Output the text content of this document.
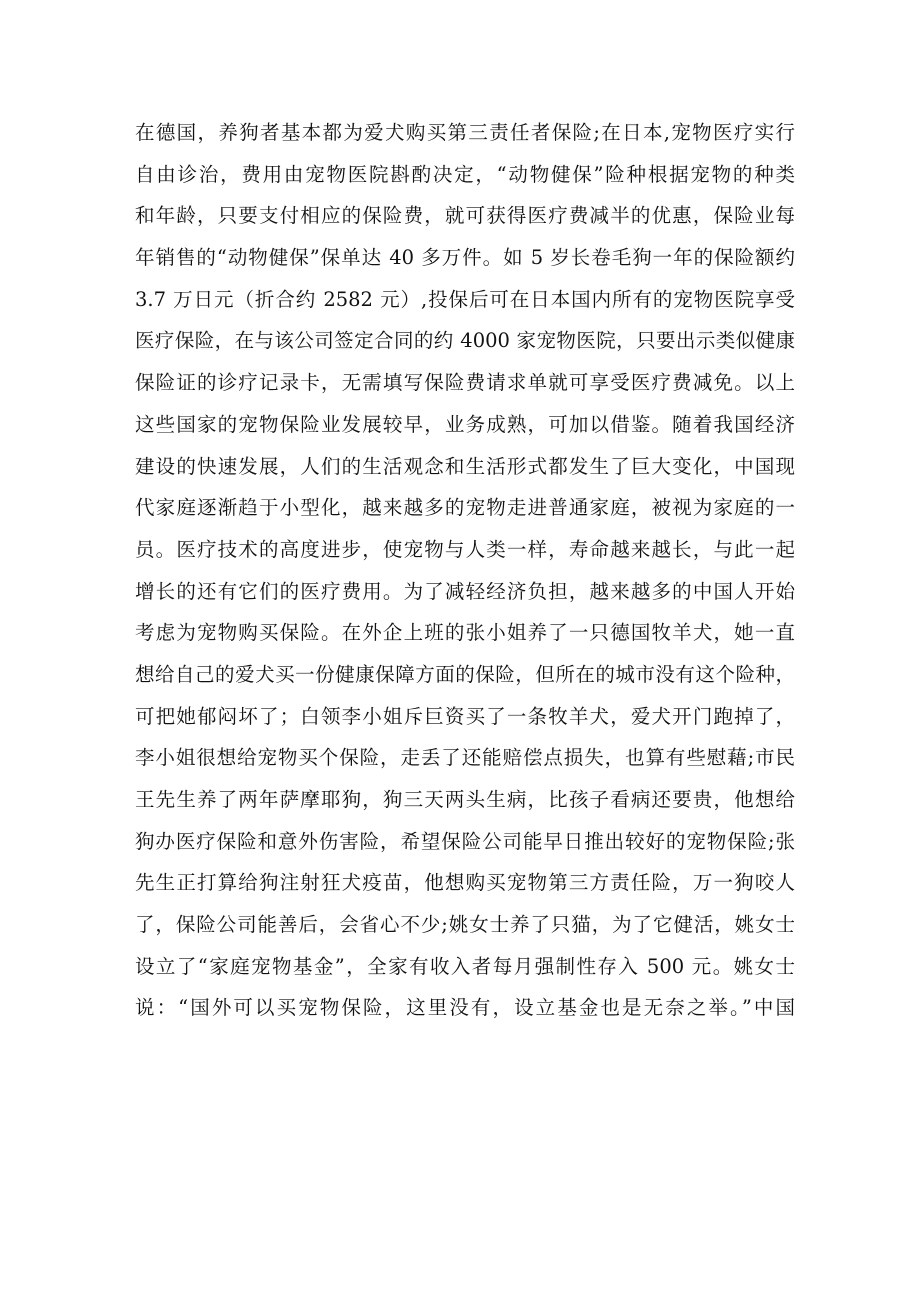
在德国，养狗者基本都为爱犬购买第三责任者保险;在日本,宠物医疗实行
自由诊治，费用由宠物医院斟酌决定，“动物健保”险种根据宠物的种类
和年龄，只要支付相应的保险费，就可获得医疗费减半的优惠，保险业每
年销售的“动物健保”保单达 40 多万件。如 5 岁长卷毛狗一年的保险额约
3.7 万日元（折合约 2582 元）,投保后可在日本国内所有的宠物医院享受
医疗保险，在与该公司签定合同的约 4000 家宠物医院，只要出示类似健康
保险证的诊疗记录卡，无需填写保险费请求单就可享受医疗费减免。以上
这些国家的宠物保险业发展较早，业务成熟，可加以借鉴。随着我国经济
建设的快速发展，人们的生活观念和生活形式都发生了巨大变化，中国现
代家庭逐渐趋于小型化，越来越多的宠物走进普通家庭，被视为家庭的一
员。医疗技术的高度进步，使宠物与人类一样，寿命越来越长，与此一起
增长的还有它们的医疗费用。为了减轻经济负担，越来越多的中国人开始
考虑为宠物购买保险。在外企上班的张小姐养了一只德国牧羊犬，她一直
想给自己的爱犬买一份健康保障方面的保险，但所在的城市没有这个险种，
可把她郁闷坏了；白领李小姐斥巨资买了一条牧羊犬，爱犬开门跑掉了，
李小姐很想给宠物买个保险，走丢了还能赔偿点损失，也算有些慰藉;市民
王先生养了两年萨摩耶狗，狗三天两头生病，比孩子看病还要贵，他想给
狗办医疗保险和意外伤害险，希望保险公司能早日推出较好的宠物保险;张
先生正打算给狗注射狂犬疫苗，他想购买宠物第三方责任险，万一狗咬人
了，保险公司能善后，会省心不少;姚女士养了只猫，为了它健活，姚女士
设立了“家庭宠物基金”，全家有收入者每月强制性存入 500 元。姚女士
说：“国外可以买宠物保险，这里没有，设立基金也是无奈之举。”中国
